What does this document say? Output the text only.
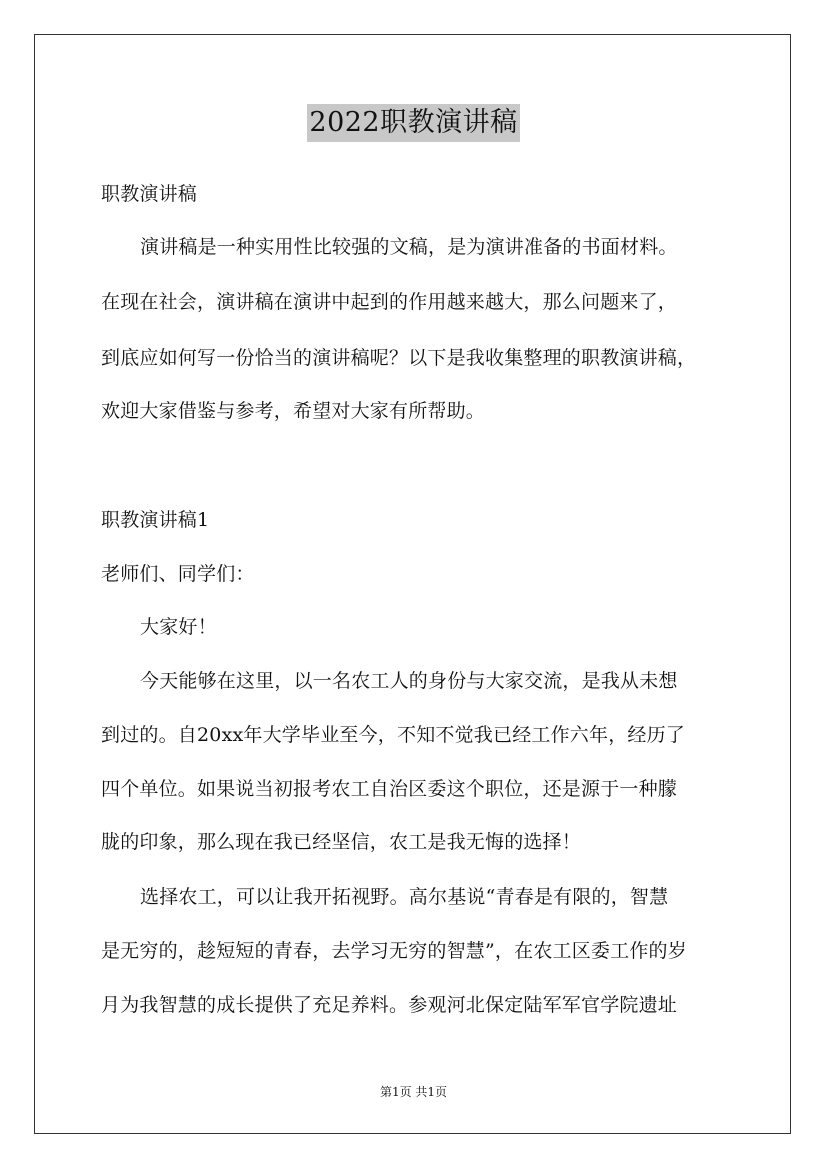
2022职教演讲稿
职教演讲稿
演讲稿是一种实用性比较强的文稿，是为演讲准备的书面材料。
在现在社会，演讲稿在演讲中起到的作用越来越大，那么问题来了，
到底应如何写一份恰当的演讲稿呢？以下是我收集整理的职教演讲稿，
欢迎大家借鉴与参考，希望对大家有所帮助。
职教演讲稿1
老师们、同学们：
大家好！
今天能够在这里，以一名农工人的身份与大家交流，是我从未想
到过的。自20xx年大学毕业至今，不知不觉我已经工作六年，经历了
四个单位。如果说当初报考农工自治区委这个职位，还是源于一种朦
胧的印象，那么现在我已经坚信，农工是我无悔的选择！
选择农工，可以让我开拓视野。高尔基说“青春是有限的，智慧
是无穷的，趁短短的青春，去学习无穷的智慧”，在农工区委工作的岁
月为我智慧的成长提供了充足养料。参观河北保定陆军军官学院遗址
第1页 共1页
